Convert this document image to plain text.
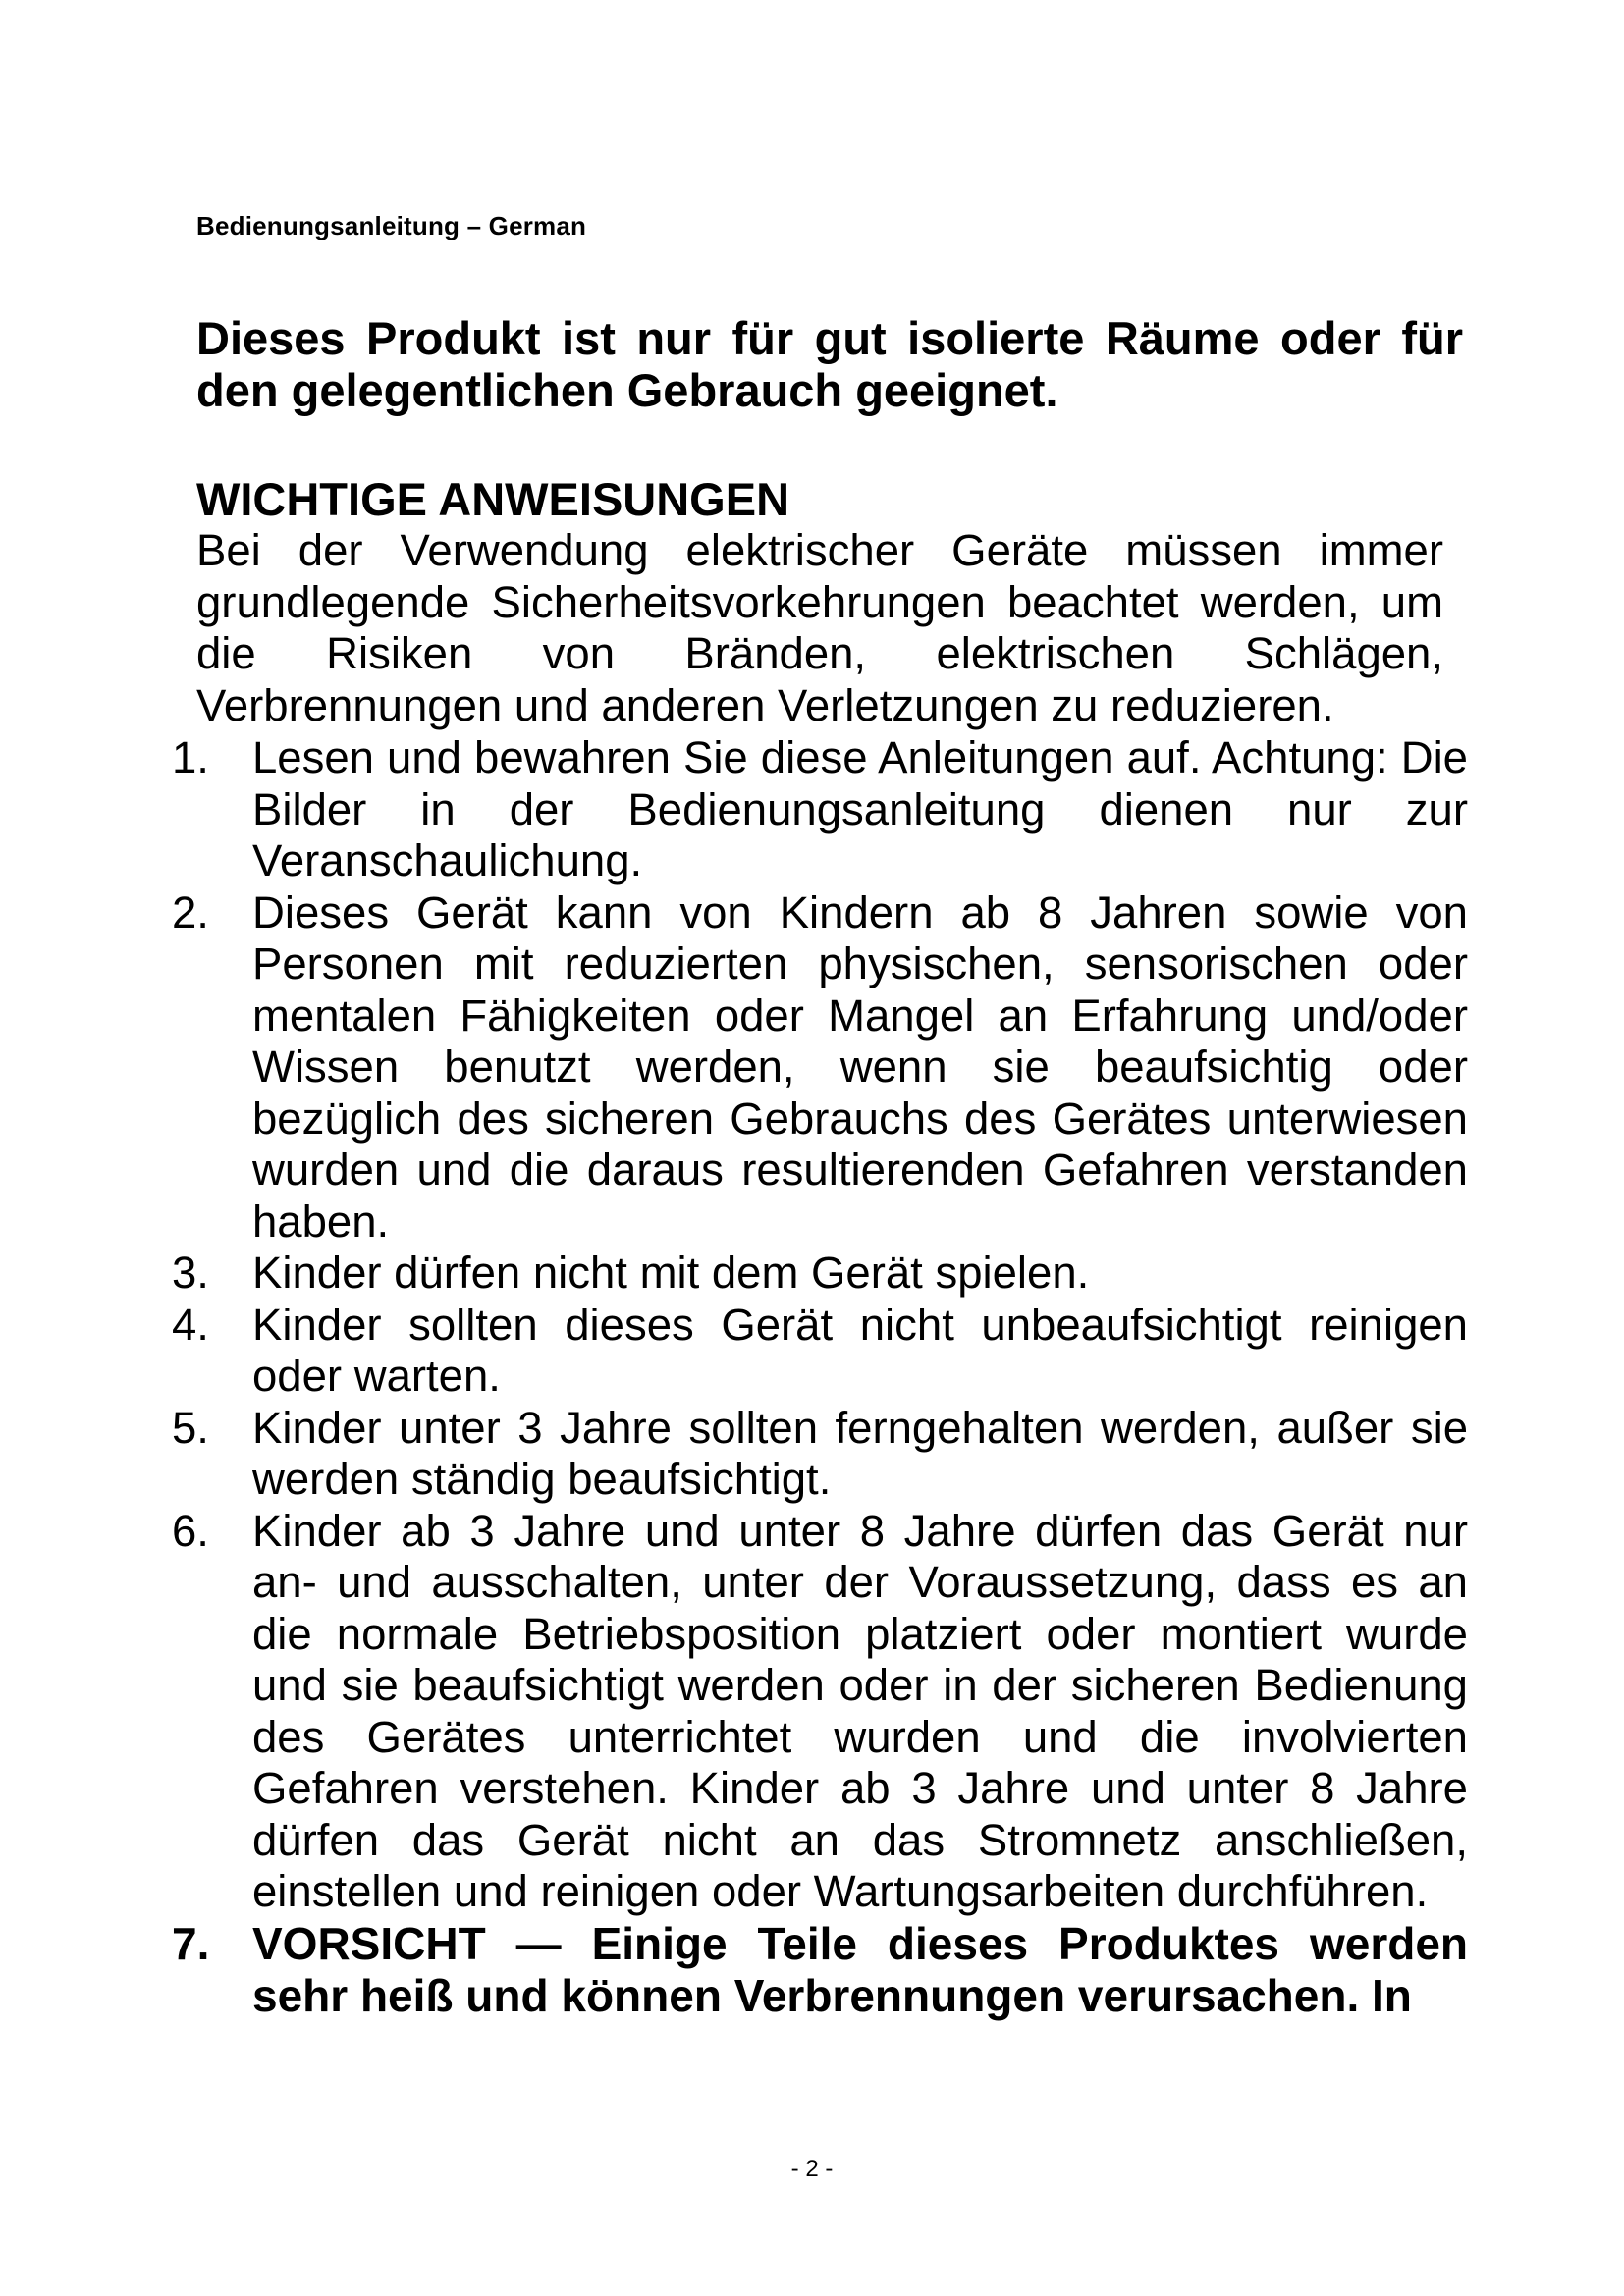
Bedienungsanleitung – German

Dieses Produkt ist nur für gut isolierte Räume oder für den gelegentlichen Gebrauch geeignet.

WICHTIGE ANWEISUNGEN

Bei der Verwendung elektrischer Geräte müssen immer grundlegende Sicherheitsvorkehrungen beachtet werden, um die Risiken von Bränden, elektrischen Schlägen, Verbrennungen und anderen Verletzungen zu reduzieren.

1. Lesen und bewahren Sie diese Anleitungen auf. Achtung: Die Bilder in der Bedienungsanleitung dienen nur zur Veranschaulichung.
2. Dieses Gerät kann von Kindern ab 8 Jahren sowie von Personen mit reduzierten physischen, sensorischen oder mentalen Fähigkeiten oder Mangel an Erfahrung und/oder Wissen benutzt werden, wenn sie beaufsichtig oder bezüglich des sicheren Gebrauchs des Gerätes unterwiesen wurden und die daraus resultierenden Gefahren verstanden haben.
3. Kinder dürfen nicht mit dem Gerät spielen.
4. Kinder sollten dieses Gerät nicht unbeaufsichtigt reinigen oder warten.
5. Kinder unter 3 Jahre sollten ferngehalten werden, außer sie werden ständig beaufsichtigt.
6. Kinder ab 3 Jahre und unter 8 Jahre dürfen das Gerät nur an- und ausschalten, unter der Voraussetzung, dass es an die normale Betriebsposition platziert oder montiert wurde und sie beaufsichtigt werden oder in der sicheren Bedienung des Gerätes unterrichtet wurden und die involvierten Gefahren verstehen. Kinder ab 3 Jahre und unter 8 Jahre dürfen das Gerät nicht an das Stromnetz anschließen, einstellen und reinigen oder Wartungsarbeiten durchführen.
7. VORSICHT — Einige Teile dieses Produktes werden sehr heiß und können Verbrennungen verursachen. In
- 2 -
